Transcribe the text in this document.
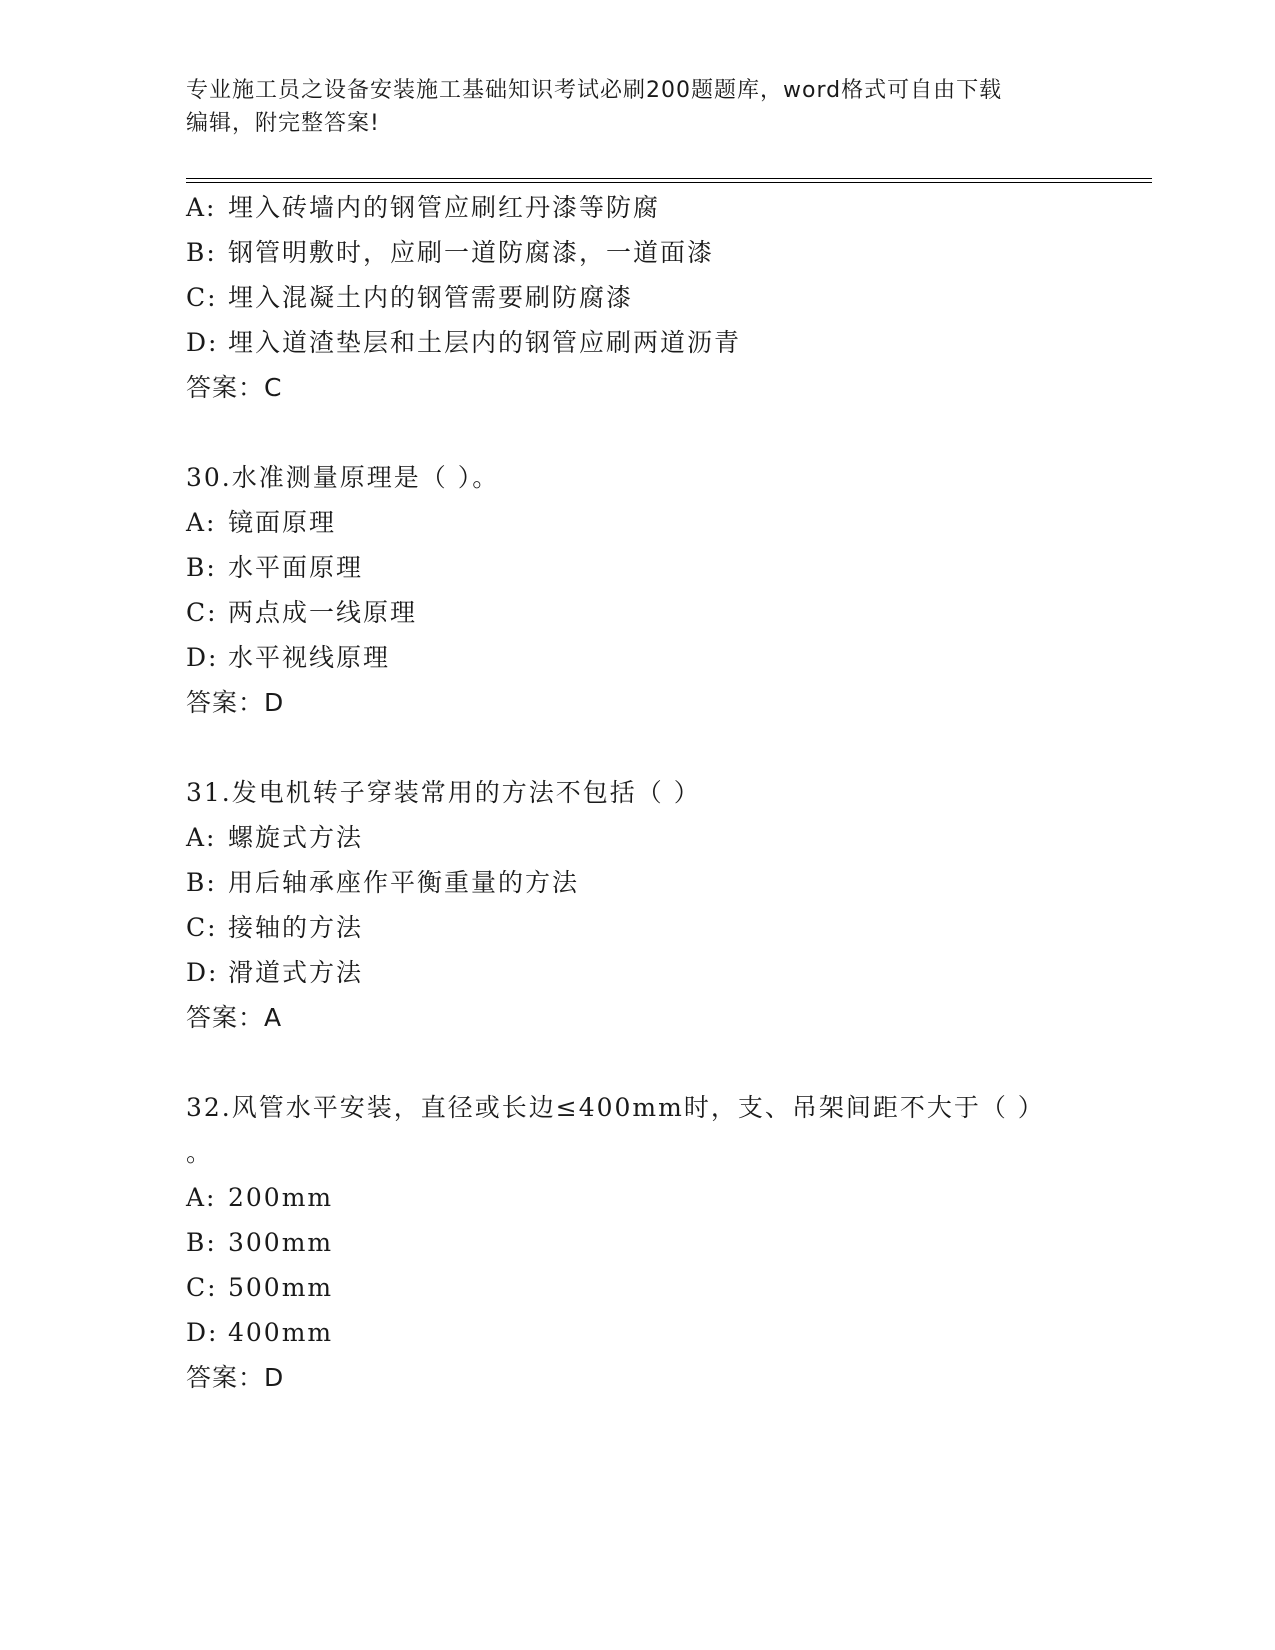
专业施工员之设备安装施工基础知识考试必刷200题题库，word格式可自由下载
编辑，附完整答案!
A: 埋入砖墙内的钢管应刷红丹漆等防腐
B: 钢管明敷时，应刷一道防腐漆，一道面漆
C: 埋入混凝土内的钢管需要刷防腐漆
D: 埋入道渣垫层和土层内的钢管应刷两道沥青
答案：C
30.水准测量原理是（ ）。
A: 镜面原理
B: 水平面原理
C: 两点成一线原理
D: 水平视线原理
答案：D
31.发电机转子穿装常用的方法不包括（ ）
A: 螺旋式方法
B: 用后轴承座作平衡重量的方法
C: 接轴的方法
D: 滑道式方法
答案：A
32.风管水平安装，直径或长边≤400mm时，支、吊架间距不大于（ ）
。
A: 200mm
B: 300mm
C: 500mm
D: 400mm
答案：D
